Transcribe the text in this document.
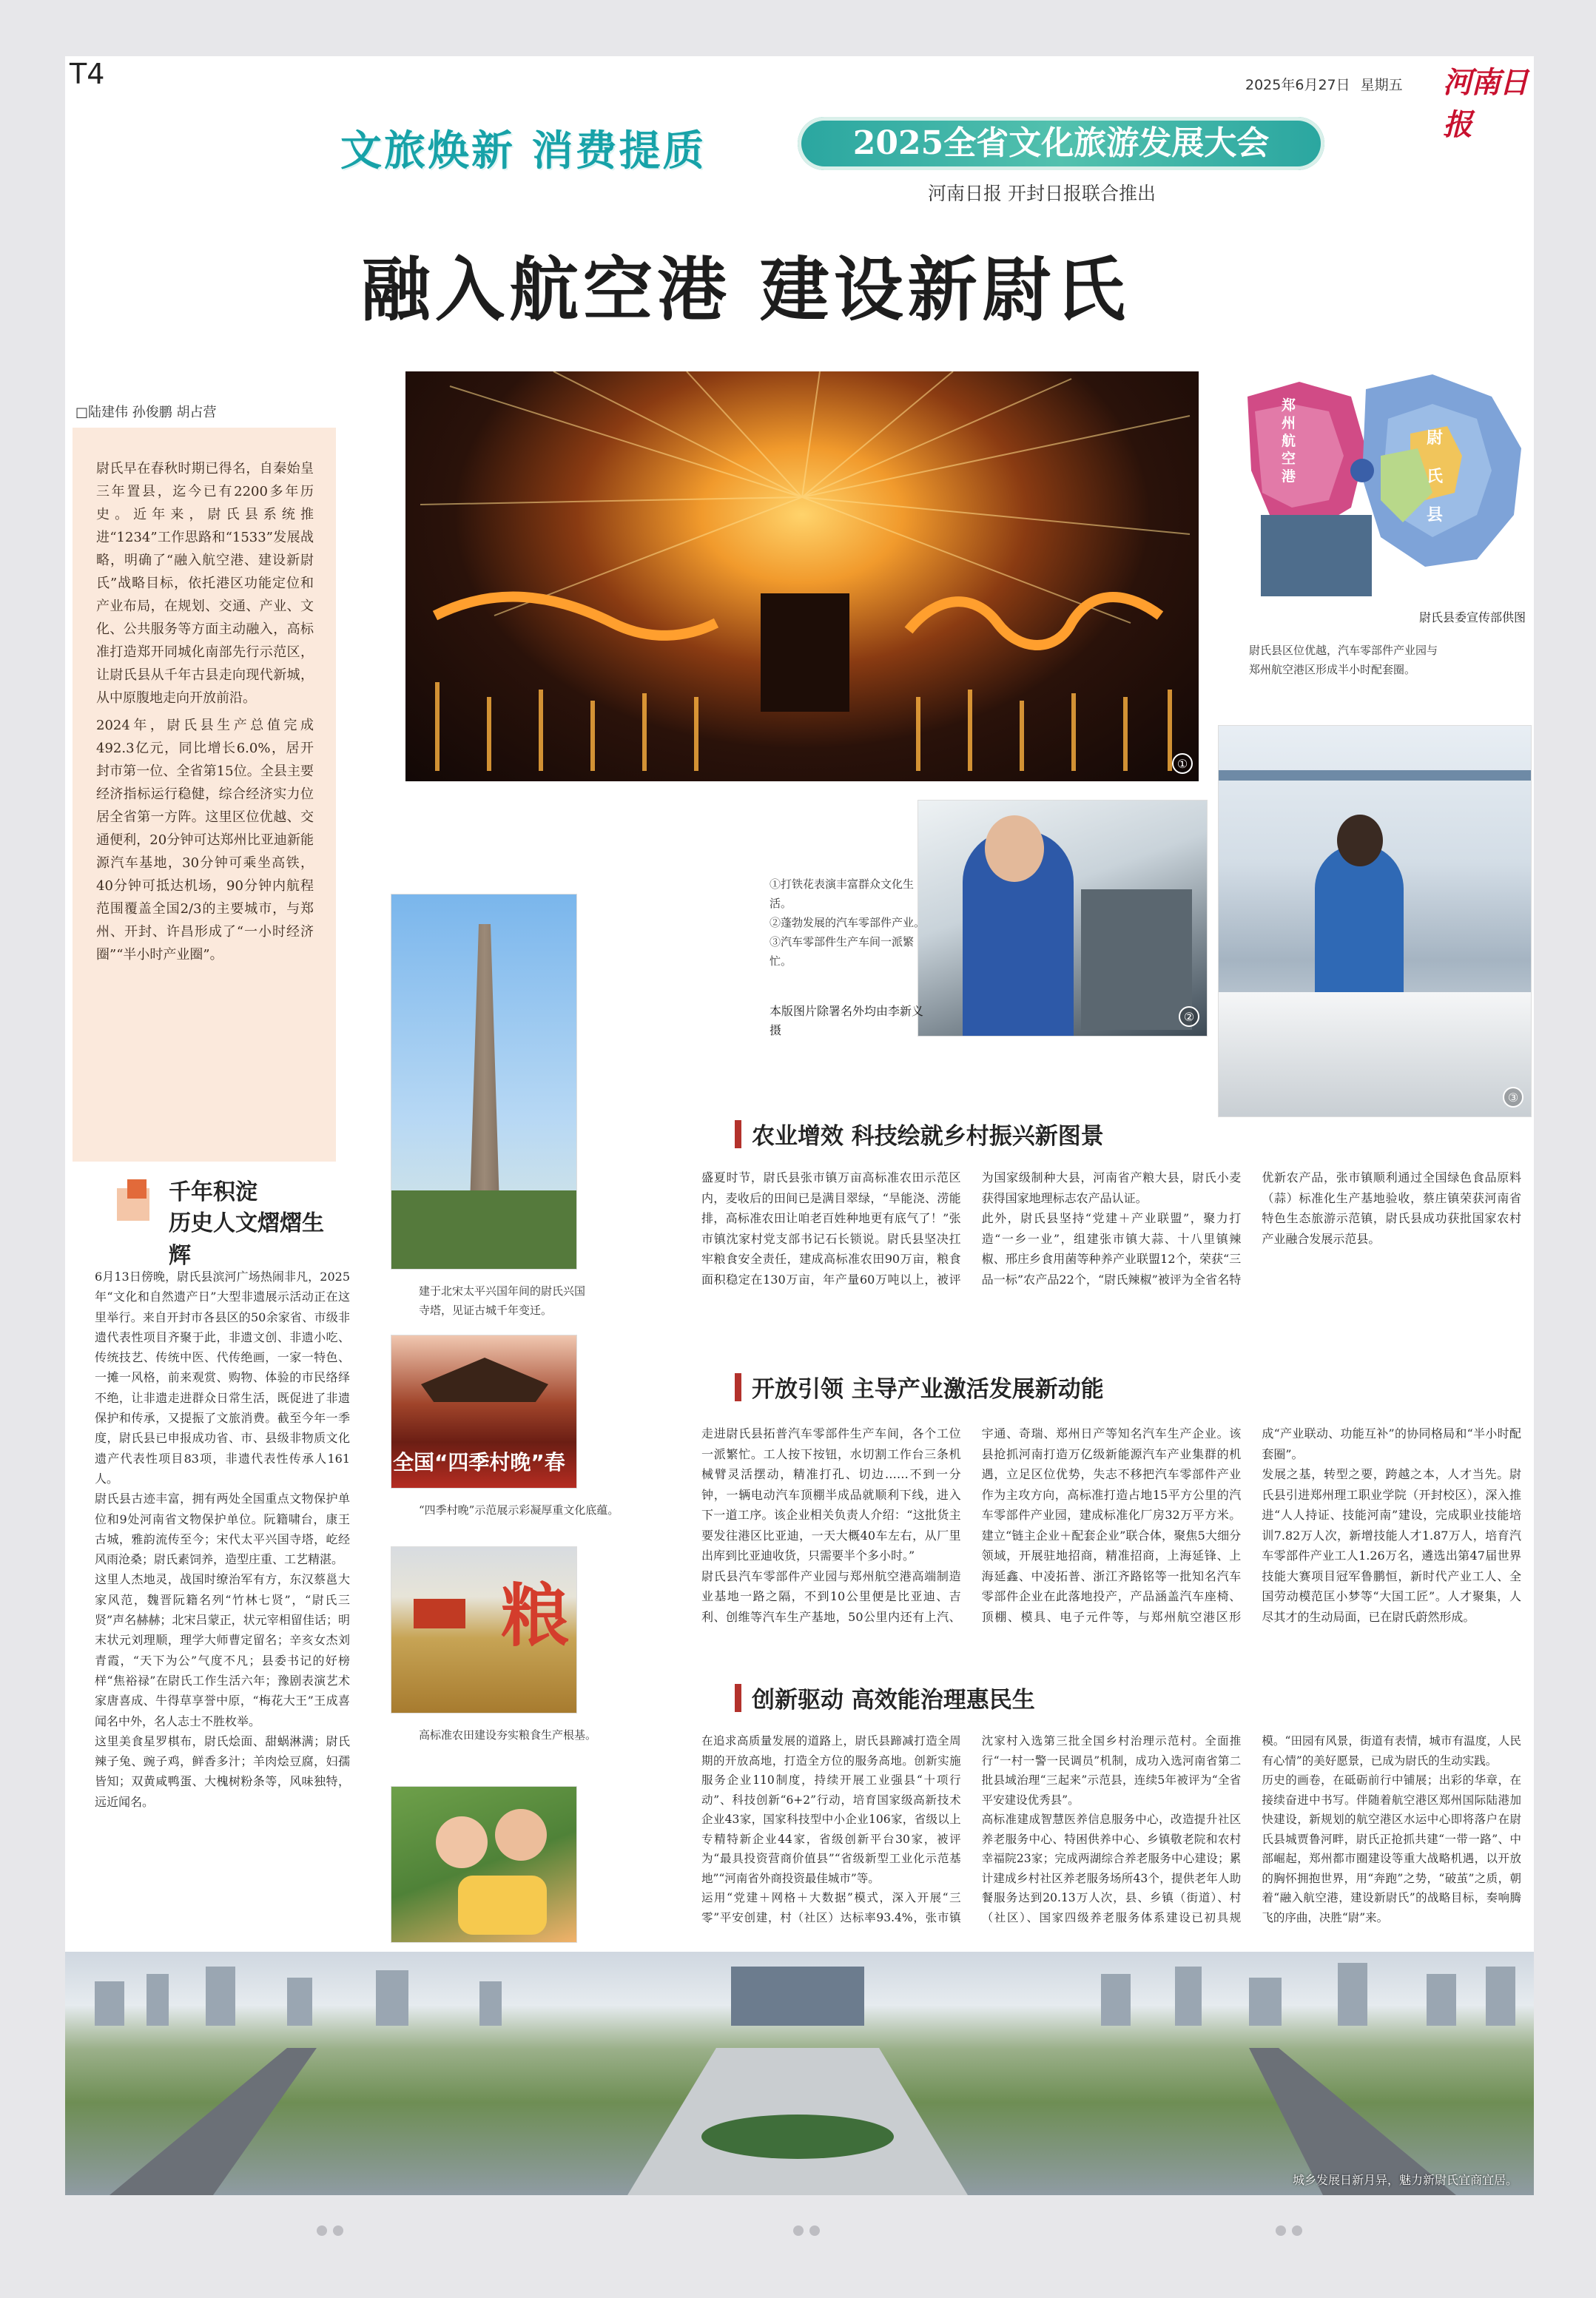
T4	2025年6月27日 星期五 河南日报
文旅焕新 消费提质	2025全省文化旅游发展大会
河南日报 开封日报联合推出
融入航空港 建设新尉氏
□陆建伟 孙俊鹏 胡占营
尉氏早在春秋时期已得名，自秦始皇三年置县，迄今已有2200多年历史。近年来，尉氏县系统推进“1234”工作思路和“1533”发展战略，明确了“融入航空港、建设新尉氏”战略目标，依托港区功能定位和产业布局，在规划、交通、产业、文化、公共服务等方面主动融入，高标准打造郑开同城化南部先行示范区，让尉氏县从千年古县走向现代新城，从中原腹地走向开放前沿。
2024年，尉氏县生产总值完成492.3亿元，同比增长6.0%，居开封市第一位、全省第15位。全县主要经济指标运行稳健，综合经济实力位居全省第一方阵。这里区位优越、交通便利，20分钟可达郑州比亚迪新能源汽车基地，30分钟可乘坐高铁，40分钟可抵达机场，90分钟内航程范围覆盖全国2/3的主要城市，与郑州、开封、许昌形成了“一小时经济圈”“半小时产业圈”。
千年积淀
历史人文熠熠生辉
6月13日傍晚，尉氏县滨河广场热闹非凡，2025年“文化和自然遗产日”大型非遗展示活动正在这里举行。来自开封市各县区的50余家省、市级非遗代表性项目齐聚于此，非遗文创、非遗小吃、传统技艺、传统中医、代传绝画，一家一特色、一摊一风格，前来观赏、购物、体验的市民络绎不绝，让非遗走进群众日常生活，既促进了非遗保护和传承，又提振了文旅消费。截至今年一季度，尉氏县已申报成功省、市、县级非物质文化遗产代表性项目83项，非遗代表性传承人161人。
尉氏县古迹丰富，拥有两处全国重点文物保护单位和9处河南省文物保护单位。阮籍啸台，康王古城，雅韵流传至今；宋代太平兴国寺塔，屹经风雨沧桑；尉氏素饲养，造型庄重、工艺精湛。
这里人杰地灵，战国时缭治军有方，东汉蔡邕大家风范，魏晋阮籍名列“竹林七贤”，“尉氏三贤”声名赫赫；北宋吕蒙正，状元宰相留佳话；明末状元刘理顺，理学大师曹定留名；辛亥女杰刘青霞，“天下为公”气度不凡；县委书记的好榜样“焦裕禄”在尉氏工作生活六年；豫剧表演艺术家唐喜成、牛得草享誉中原，“梅花大王”王成喜闻名中外，名人志士不胜枚举。
这里美食星罗棋布，尉氏烩面、甜蜗淋满；尉氏辣子兔、豌子鸡，鲜香多汁；羊肉烩豆腐，妇孺皆知；双黄咸鸭蛋、大槐树粉条等，风味独特，远近闻名。
①
郑州航空港
尉氏县
尉氏县委宣传部供图
尉氏县区位优越，汽车零部件产业园与郑州航空港区形成半小时配套圈。
②
③
①打铁花表演丰富群众文化生活。
②蓬勃发展的汽车零部件产业。
③汽车零部件生产车间一派繁忙。
本版图片除署名外均由李新义 摄
建于北宋太平兴国年间的尉氏兴国寺塔，见证古城千年变迁。
全国“四季村晚”春
“四季村晚”示范展示彩凝厚重文化底蕴。
粮
高标准农田建设夯实粮食生产根基。
农业增效 科技绘就乡村振兴新图景
盛夏时节，尉氏县张市镇万亩高标准农田示范区内，麦收后的田间已是满目翠绿，“旱能浇、涝能排，高标准农田让咱老百姓种地更有底气了！”张市镇沈家村党支部书记石长锁说。尉氏县坚决扛牢粮食安全责任，建成高标准农田90万亩，粮食面积稳定在130万亩，年产量60万吨以上，被评为国家级制种大县，河南省产粮大县，尉氏小麦获得国家地理标志农产品认证。
此外，尉氏县坚持“党建＋产业联盟”，聚力打造“一乡一业”，组建张市镇大蒜、十八里镇辣椒、邢庄乡食用菌等种养产业联盟12个，荣获“三品一标”农产品22个，“尉氏辣椒”被评为全省名特优新农产品，张市镇顺利通过全国绿色食品原料（蒜）标准化生产基地验收，蔡庄镇荣获河南省特色生态旅游示范镇，尉氏县成功获批国家农村产业融合发展示范县。
开放引领 主导产业激活发展新动能
走进尉氏县拓普汽车零部件生产车间，各个工位一派繁忙。工人按下按钮，水切割工作台三条机械臂灵活摆动，精准打孔、切边……不到一分钟，一辆电动汽车顶棚半成品就顺利下线，进入下一道工序。该企业相关负责人介绍：“这批货主要发往港区比亚迪，一天大概40车左右，从厂里出库到比亚迪收货，只需要半个多小时。”
尉氏县汽车零部件产业园与郑州航空港高端制造业基地一路之隔，不到10公里便是比亚迪、吉利、创维等汽车生产基地，50公里内还有上汽、宇通、奇瑞、郑州日产等知名汽车生产企业。该县抢抓河南打造万亿级新能源汽车产业集群的机遇，立足区位优势，失志不移把汽车零部件产业作为主攻方向，高标准打造占地15平方公里的汽车零部件产业园，建成标准化厂房32万平方米。建立“链主企业＋配套企业”联合体，聚焦5大细分领域，开展驻地招商，精准招商，上海延锋、上海延鑫、中凌拓普、浙江齐路铭等一批知名汽车零部件企业在此落地投产，产品涵盖汽车座椅、顶棚、模具、电子元件等，与郑州航空港区形成“产业联动、功能互补”的协同格局和“半小时配套圈”。
发展之基，转型之要，跨越之本，人才当先。尉氏县引进郑州理工职业学院（开封校区），深入推进“人人持证、技能河南”建设，完成职业技能培训7.82万人次，新增技能人才1.87万人，培育汽车零部件产业工人1.26万名，遴选出第47届世界技能大赛项目冠军鲁鹏恒，新时代产业工人、全国劳动模范匡小梦等“大国工匠”。人才聚集，人尽其才的生动局面，已在尉氏蔚然形成。
创新驱动 高效能治理惠民生
在追求高质量发展的道路上，尉氏县蹄减打造全周期的开放高地，打造全方位的服务高地。创新实施服务企业110制度，持续开展工业强县“十项行动”、科技创新“6+2”行动，培育国家级高新技术企业43家，国家科技型中小企业106家，省级以上专精特新企业44家，省级创新平台30家，被评为“最具投资营商价值县”“省级新型工业化示范基地”“河南省外商投资最佳城市”等。
运用“党建＋网格＋大数据”模式，深入开展“三零”平安创建，村（社区）达标率93.4%，张市镇沈家村入选第三批全国乡村治理示范村。全面推行“一村一警一民调员”机制，成功入选河南省第二批县域治理“三起来”示范县，连续5年被评为“全省平安建设优秀县”。
高标准建成智慧医养信息服务中心，改造提升社区养老服务中心、特困供养中心、乡镇敬老院和农村幸福院23家；完成两湖综合养老服务中心建设；累计建成乡村社区养老服务场所43个，提供老年人助餐服务达到20.13万人次，县、乡镇（街道）、村（社区）、国家四级养老服务体系建设已初具规模。“田园有风景，街道有表情，城市有温度，人民有心情”的美好愿景，已成为尉氏的生动实践。
历史的画卷，在砥砺前行中铺展；出彩的华章，在接续奋进中书写。伴随着航空港区郑州国际陆港加快建设，新规划的航空港区水运中心即将落户在尉氏县城贾鲁河畔，尉氏正抢抓共建“一带一路”、中部崛起，郑州都市圈建设等重大战略机遇，以开放的胸怀拥抱世界，用“奔跑”之势，“破茧”之质，朝着“融入航空港，建设新尉氏”的战略目标，奏响腾飞的序曲，决胜“尉”来。
城乡发展日新月异，魅力新尉氏宜商宜居。
